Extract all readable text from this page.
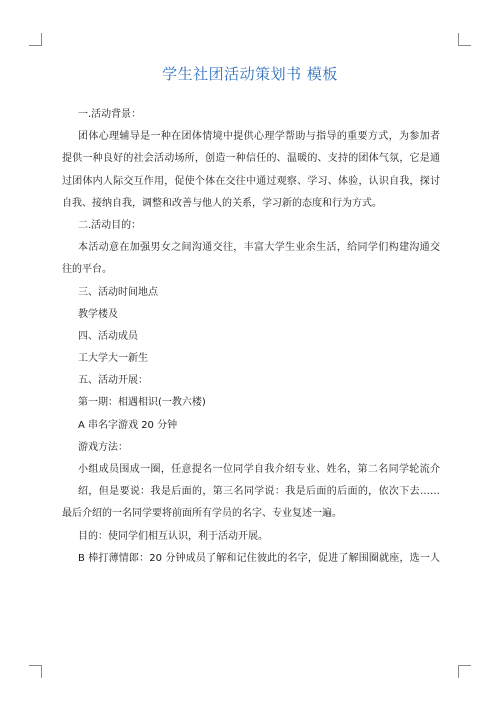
学生社团活动策划书 模板
一.活动背景：
团体心理辅导是一种在团体情境中提供心理学帮助与指导的重要方式，为参加者
提供一种良好的社会活动场所，创造一种信任的、温暖的、支持的团体气氛，它是通
过团体内人际交互作用，促使个体在交往中通过观察、学习、体验，认识自我，探讨
自我、接纳自我，调整和改善与他人的关系，学习新的态度和行为方式。
二.活动目的：
本活动意在加强男女之间沟通交往，丰富大学生业余生活，给同学们构建沟通交
往的平台。
三、活动时间地点
教学楼及
四、活动成员
工大学大一新生
五、活动开展：
第一期：相遇相识(一教六楼)
A 串名字游戏 20 分钟
游戏方法：
小组成员围成一圈，任意提名一位同学自我介绍专业、姓名，第二名同学轮流介
绍，但是要说：我是后面的，第三名同学说：我是后面的后面的，依次下去……
最后介绍的一名同学要将前面所有学员的名字、专业复述一遍。
目的：使同学们相互认识，利于活动开展。
B 棒打薄情郎：20 分钟成员了解和记住彼此的名字，促进了解围圈就座，选一人
